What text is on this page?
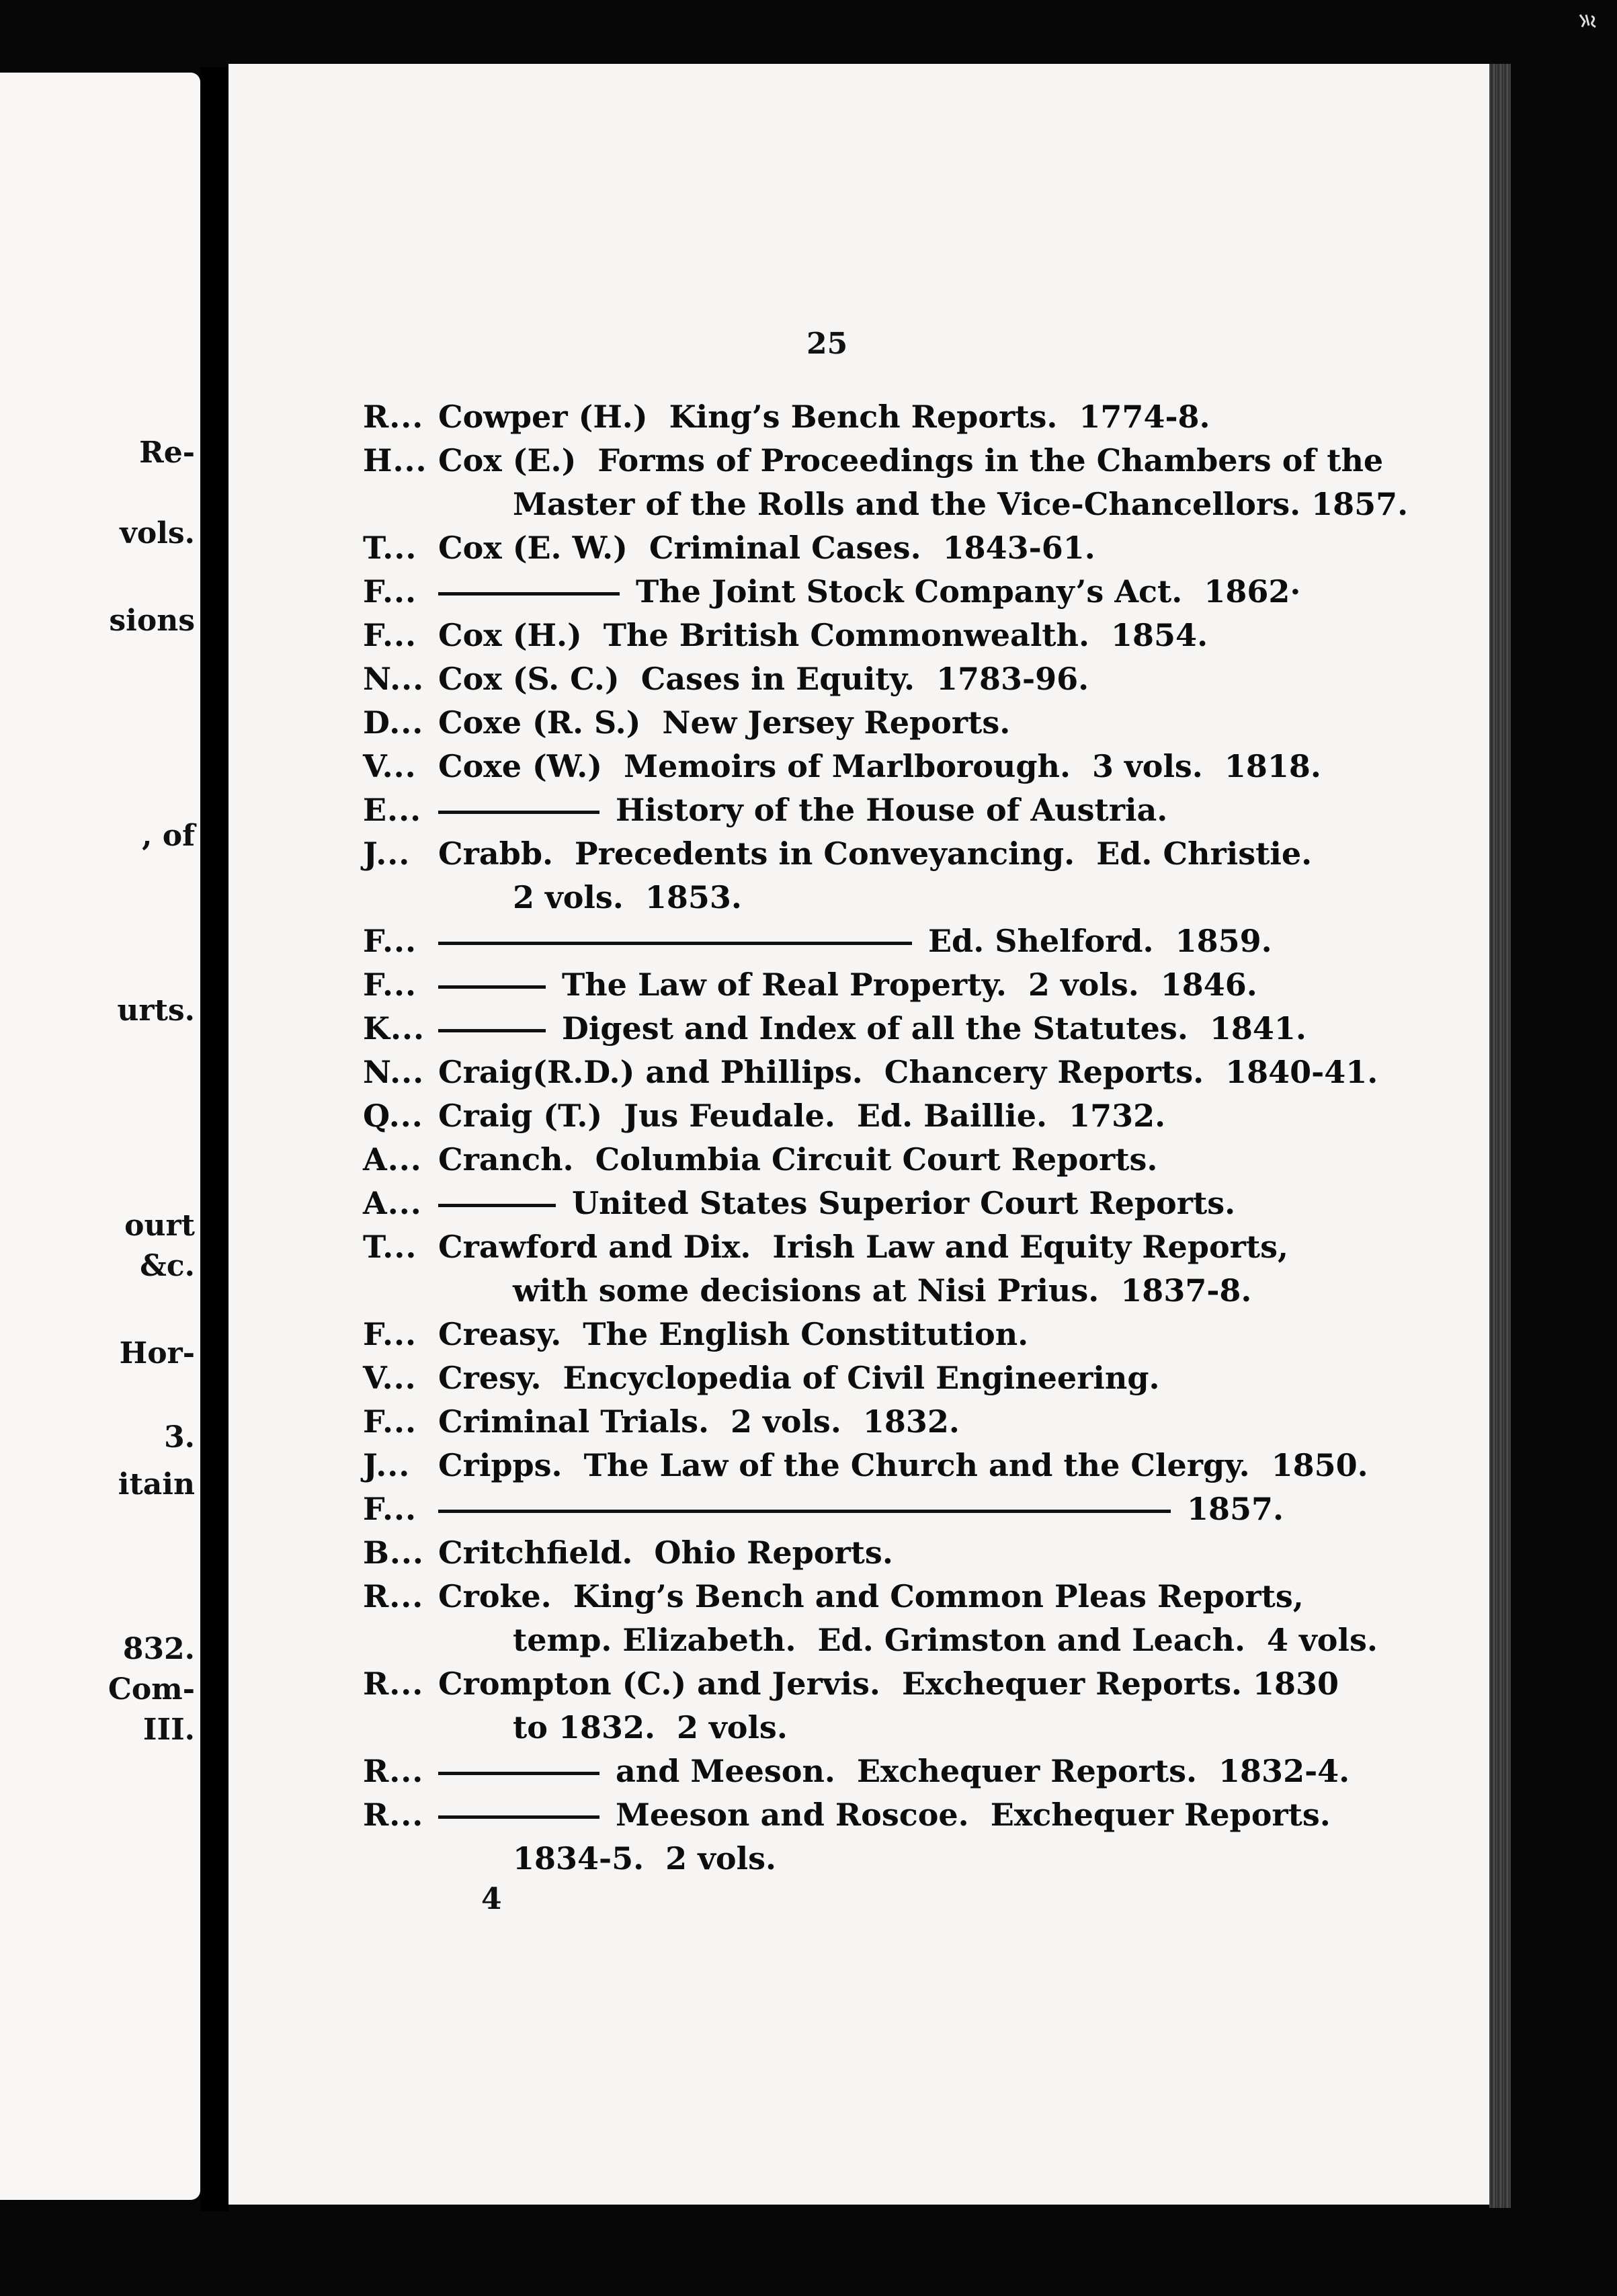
Re-
vols.
sions
, of
urts.
ourt
&c.
Hor-
3.
itain
832.
Com-
III.
25
R... Cowper (H.)  King’s Bench Reports.  1774-8.
H... Cox (E.)  Forms of Proceedings in the Chambers of the
Master of the Rolls and the Vice-Chancellors. 1857.
T... Cox (E. W.)  Criminal Cases.  1843-61.
F...	The Joint Stock Company’s Act.  1862·
F... Cox (H.)  The British Commonwealth.  1854.
N... Cox (S. C.)  Cases in Equity.  1783-96.
D... Coxe (R. S.)  New Jersey Reports.
V... Coxe (W.)  Memoirs of Marlborough.  3 vols.  1818.
E...	History of the House of Austria.
J... Crabb.  Precedents in Conveyancing.  Ed. Christie.
2 vols.  1853.
F...	Ed. Shelford.  1859.
F...	The Law of Real Property.  2 vols.  1846.
K...	Digest and Index of all the Statutes.  1841.
N... Craig(R.D.) and Phillips.  Chancery Reports.  1840-41.
Q... Craig (T.)  Jus Feudale.  Ed. Baillie.  1732.
A... Cranch.  Columbia Circuit Court Reports.
A...	United States Superior Court Reports.
T... Crawford and Dix.  Irish Law and Equity Reports,
with some decisions at Nisi Prius.  1837-8.
F... Creasy.  The English Constitution.
V... Cresy.  Encyclopedia of Civil Engineering.
F... Criminal Trials.  2 vols.  1832.
J... Cripps.  The Law of the Church and the Clergy.  1850.
F...	1857.
B... Critchfield.  Ohio Reports.
R... Croke.  King’s Bench and Common Pleas Reports,
temp. Elizabeth.  Ed. Grimston and Leach.  4 vols.
R... Crompton (C.) and Jervis.  Exchequer Reports. 1830
to 1832.  2 vols.
R...	and Meeson.  Exchequer Reports.  1832-4.
R...	Meeson and Roscoe.  Exchequer Reports.
1834-5.  2 vols.
4
